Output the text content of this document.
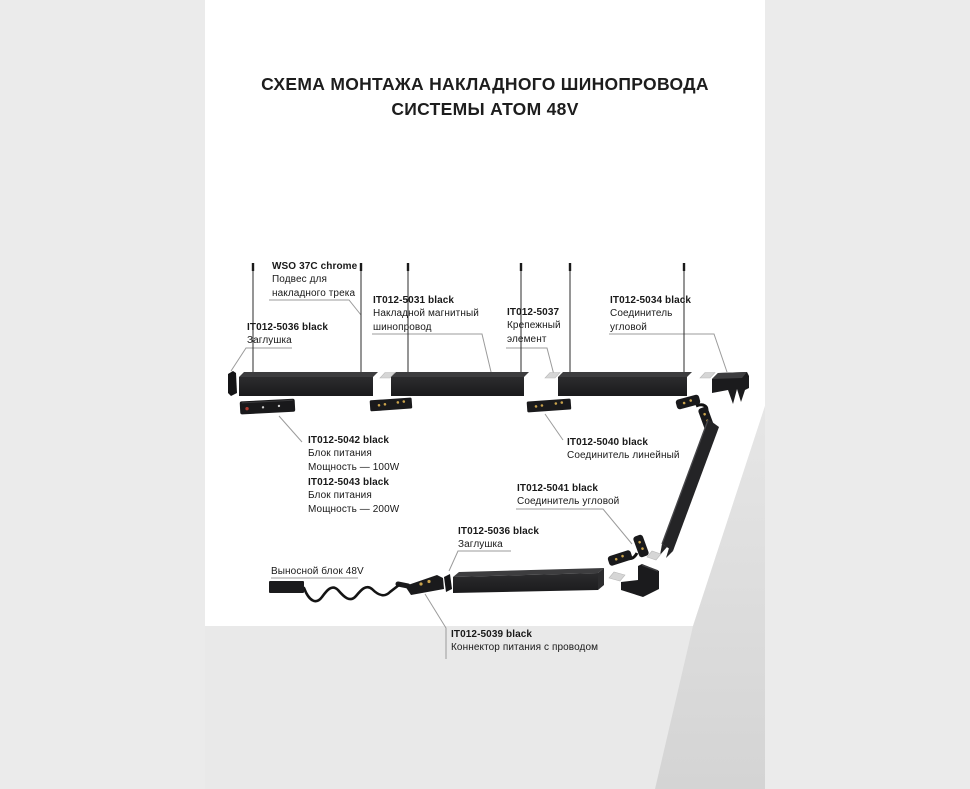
СХЕМА МОНТАЖА НАКЛАДНОГО ШИНОПРОВОДА
СИСТЕМЫ АТОМ 48V
WSO 37C chrome
Подвес для
накладного трека
IT012-5036 black
Заглушка
IT012-5031 black
Накладной магнитный
шинопровод
IT012-5037
Крепежный
элемент
IT012-5034 black
Соединитель
угловой
IT012-5042 black
Блок питания
Мощность — 100W
IT012-5043 black
Блок питания
Мощность — 200W
IT012-5040 black
Соединитель линейный
IT012-5041 black
Соединитель угловой
IT012-5036 black
Заглушка
Выносной блок 48V
IT012-5039 black
Коннектор питания с проводом
